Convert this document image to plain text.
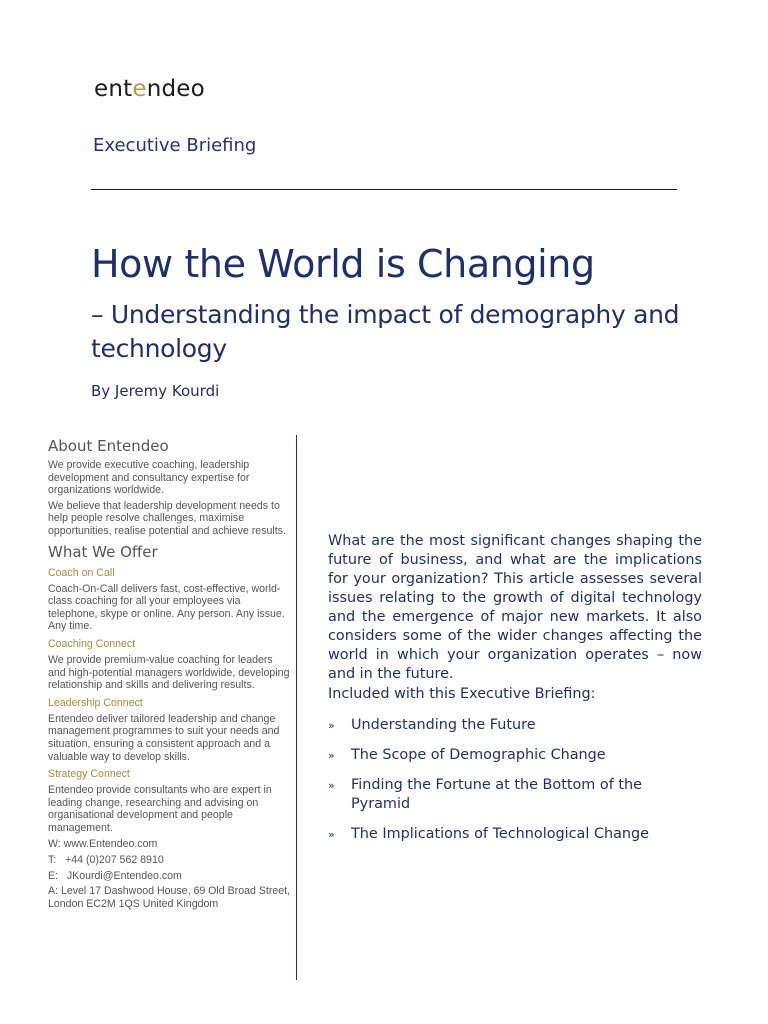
entendeo
Executive Briefing
How the World is Changing
– Understanding the impact of demography and technology
By Jeremy Kourdi
About Entendeo

We provide executive coaching, leadership development and consultancy expertise for organizations worldwide.

We believe that leadership development needs to help people resolve challenges, maximise opportunities, realise potential and achieve results.

What We Offer
Coach on Call

Coach-On-Call delivers fast, cost-effective, world-class coaching for all your employees via telephone, skype or online. Any person. Any issue. Any time.

Coaching Connect

We provide premium-value coaching for leaders and high-potential managers worldwide, developing relationship and skills and delivering results.

Leadership Connect

Entendeo deliver tailored leadership and change management programmes to suit your needs and situation, ensuring a consistent approach and a valuable way to develop skills.

Strategy Connect

Entendeo provide consultants who are expert in leading change, researching and advising on organisational development and people management.

W: www.Entendeo.com

T:   +44 (0)207 562 8910

E:   JKourdi@Entendeo.com

A: Level 17 Dashwood House, 69 Old Broad Street, London EC2M 1QS United Kingdom

What are the most significant changes shaping the future of business, and what are the implications for your organization? This article assesses several issues relating to the growth of digital technology and the emergence of major new markets. It also considers some of the wider changes affecting the world in which your organization operates – now and in the future.

Included with this Executive Briefing:
» Understanding the Future
» The Scope of Demographic Change
» Finding the Fortune at the Bottom of the Pyramid
» The Implications of Technological Change
